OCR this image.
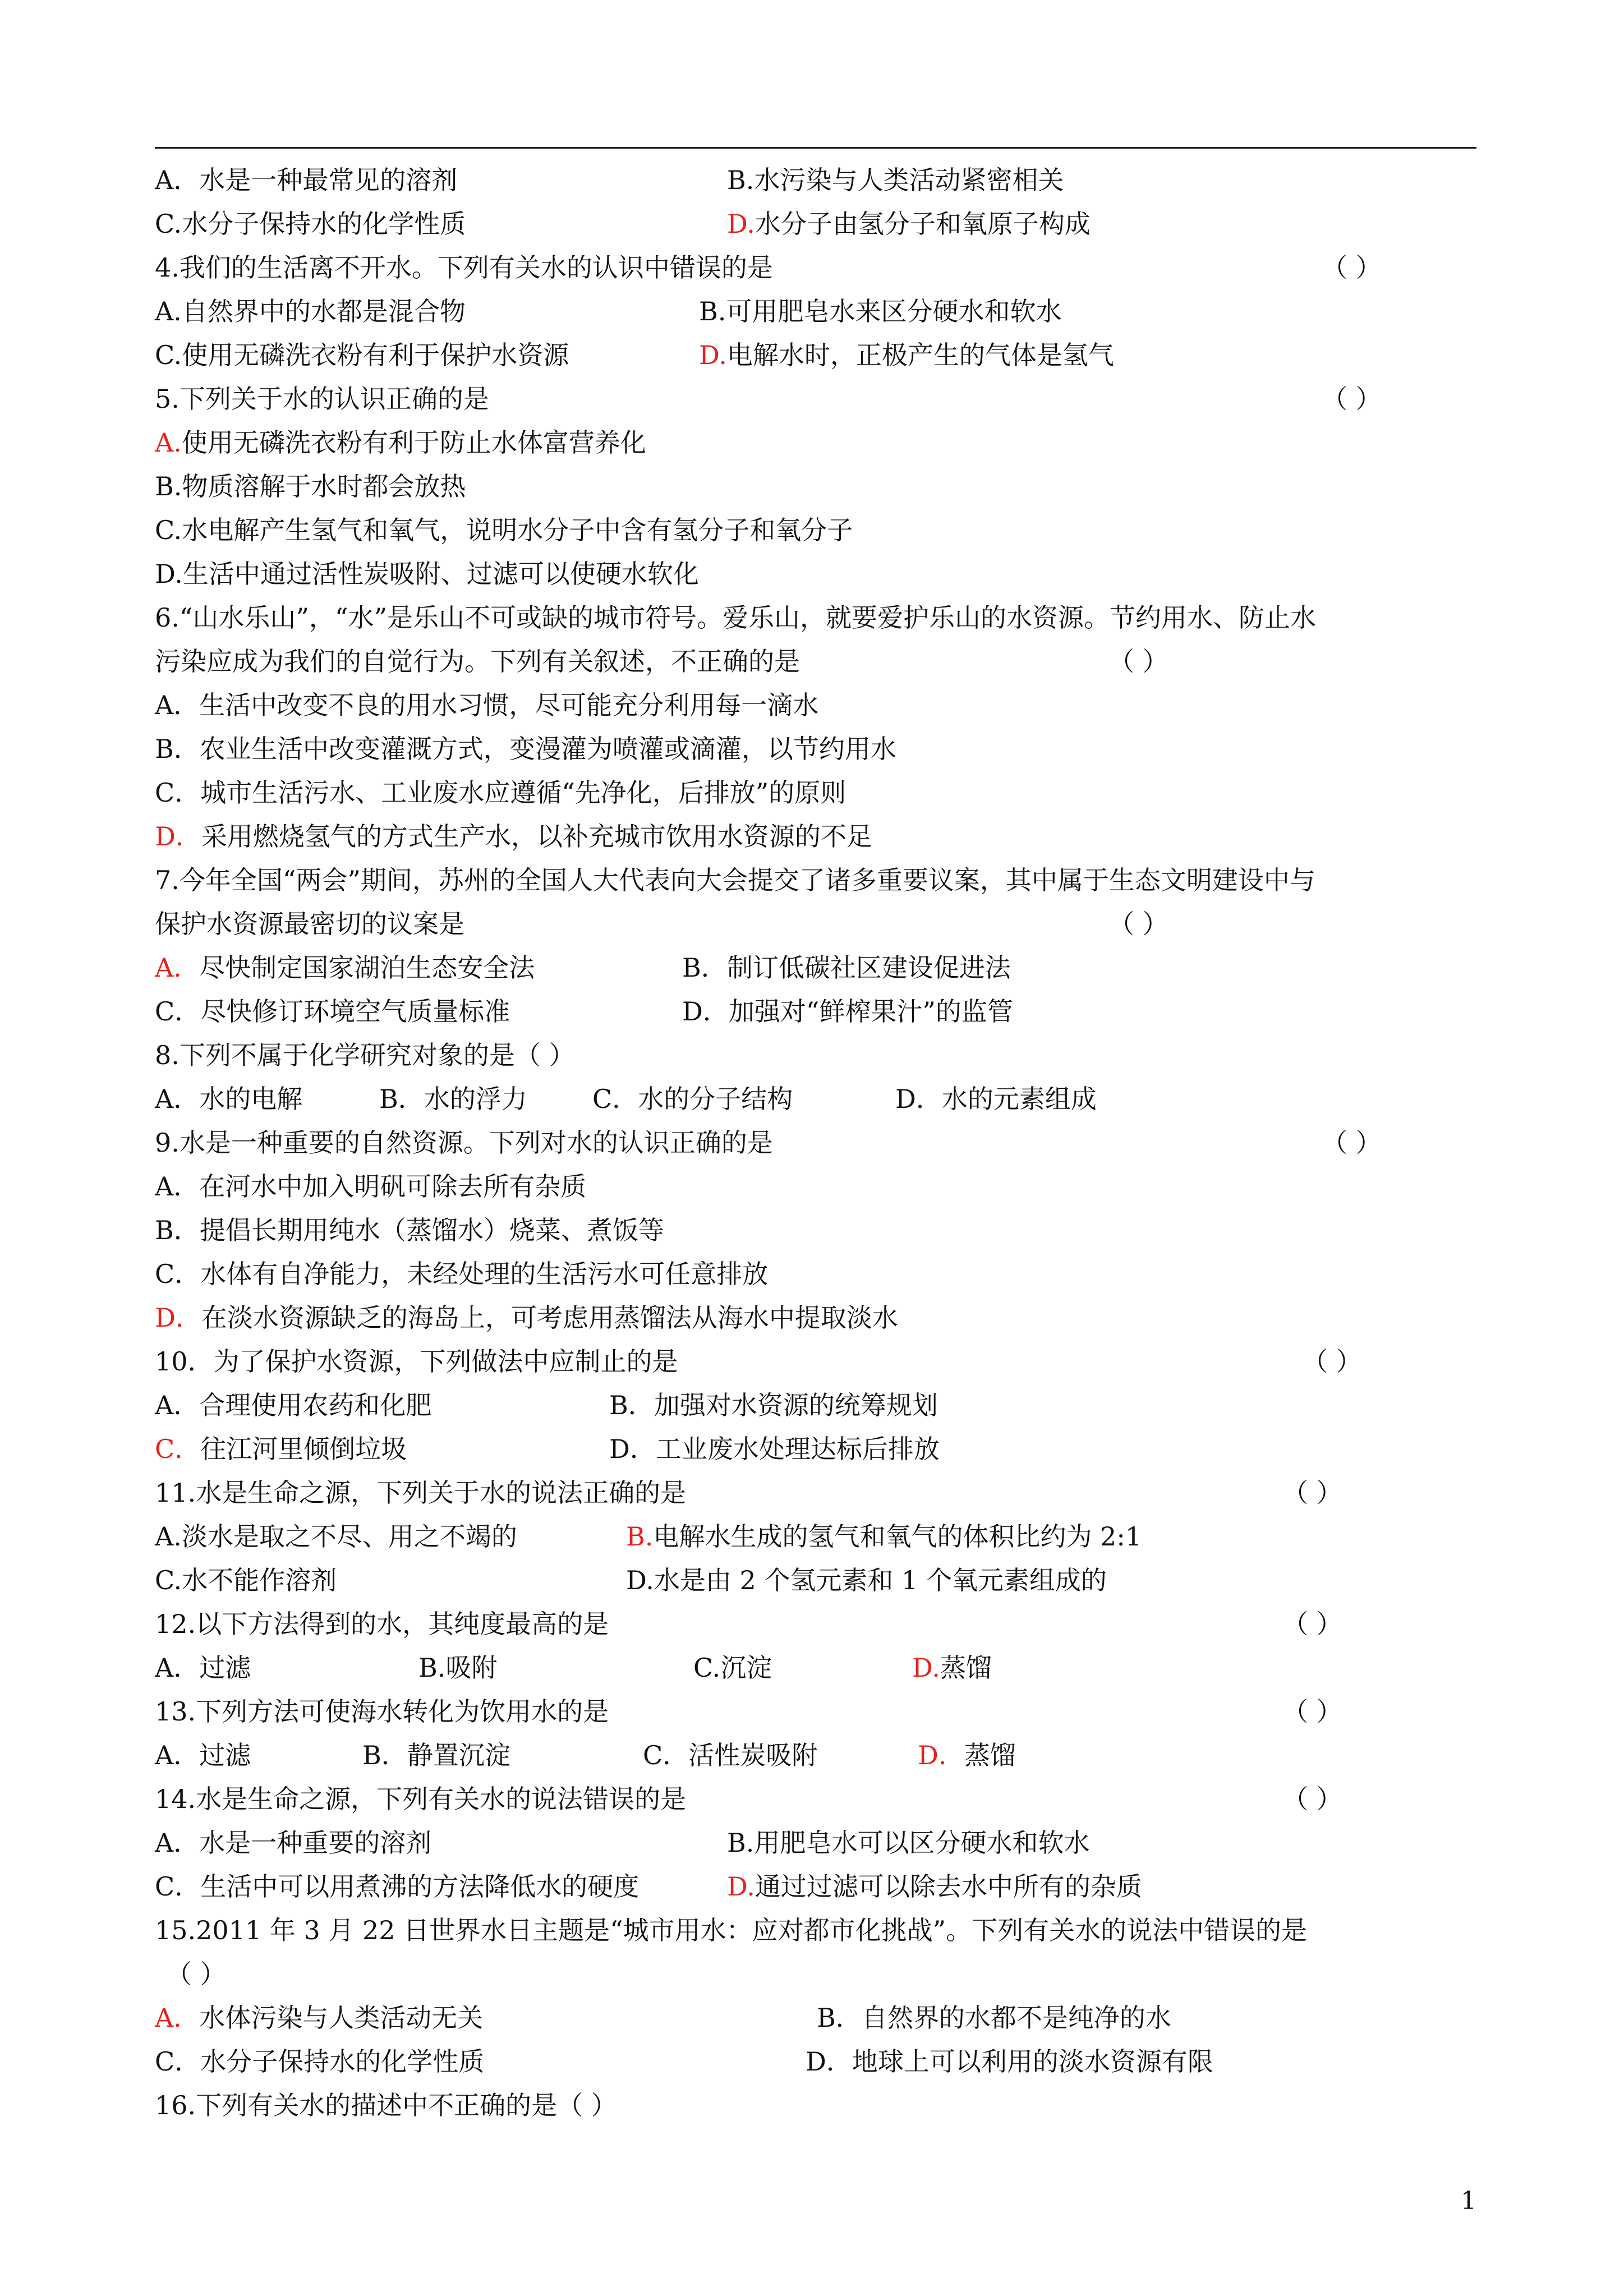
A．水是一种最常见的溶剂	B.水污染与人类活动紧密相关
C.水分子保持水的化学性质	D.水分子由氢分子和氧原子构成
4.我们的生活离不开水。下列有关水的认识中错误的是	（ ）
A.自然界中的水都是混合物	B.可用肥皂水来区分硬水和软水
C.使用无磷洗衣粉有利于保护水资源	D.电解水时，正极产生的气体是氢气
5.下列关于水的认识正确的是	（ ）
A.使用无磷洗衣粉有利于防止水体富营养化
B.物质溶解于水时都会放热
C.水电解产生氢气和氧气，说明水分子中含有氢分子和氧分子
D.生活中通过活性炭吸附、过滤可以使硬水软化
6.“山水乐山”，“水”是乐山不可或缺的城市符号。爱乐山，就要爱护乐山的水资源。节约用水、防止水
污染应成为我们的自觉行为。下列有关叙述，不正确的是	（ ）
A．生活中改变不良的用水习惯，尽可能充分利用每一滴水
B．农业生活中改变灌溉方式，变漫灌为喷灌或滴灌，以节约用水
C．城市生活污水、工业废水应遵循“先净化，后排放”的原则
D．采用燃烧氢气的方式生产水，以补充城市饮用水资源的不足
7.今年全国“两会”期间，苏州的全国人大代表向大会提交了诸多重要议案，其中属于生态文明建设中与
保护水资源最密切的议案是	（ ）
A．尽快制定国家湖泊生态安全法	B．制订低碳社区建设促进法
C．尽快修订环境空气质量标准	D．加强对“鲜榨果汁”的监管
8.下列不属于化学研究对象的是（ ）
A．水的电解	B．水的浮力	C．水的分子结构	D．水的元素组成
9.水是一种重要的自然资源。下列对水的认识正确的是	（ ）
A．在河水中加入明矾可除去所有杂质
B．提倡长期用纯水（蒸馏水）烧菜、煮饭等
C．水体有自净能力，未经处理的生活污水可任意排放
D．在淡水资源缺乏的海岛上，可考虑用蒸馏法从海水中提取淡水
10．为了保护水资源，下列做法中应制止的是	（ ）
A．合理使用农药和化肥	B．加强对水资源的统筹规划
C．往江河里倾倒垃圾	D．工业废水处理达标后排放
11.水是生命之源，下列关于水的说法正确的是	（ ）
A.淡水是取之不尽、用之不竭的	B.电解水生成的氢气和氧气的体积比约为 2:1
C.水不能作溶剂	D.水是由 2 个氢元素和 1 个氧元素组成的
12.以下方法得到的水，其纯度最高的是	（ ）
A．过滤	B.吸附	C.沉淀	D.蒸馏
13.下列方法可使海水转化为饮用水的是	（ ）
A．过滤	B．静置沉淀	C．活性炭吸附	D．蒸馏
14.水是生命之源，下列有关水的说法错误的是	（ ）
A．水是一种重要的溶剂	B.用肥皂水可以区分硬水和软水
C．生活中可以用煮沸的方法降低水的硬度	D.通过过滤可以除去水中所有的杂质
15.2011 年 3 月 22 日世界水日主题是“城市用水：应对都市化挑战”。下列有关水的说法中错误的是
（ ）
A．水体污染与人类活动无关	B．自然界的水都不是纯净的水
C．水分子保持水的化学性质	D．地球上可以利用的淡水资源有限
16.下列有关水的描述中不正确的是（ ）
1
